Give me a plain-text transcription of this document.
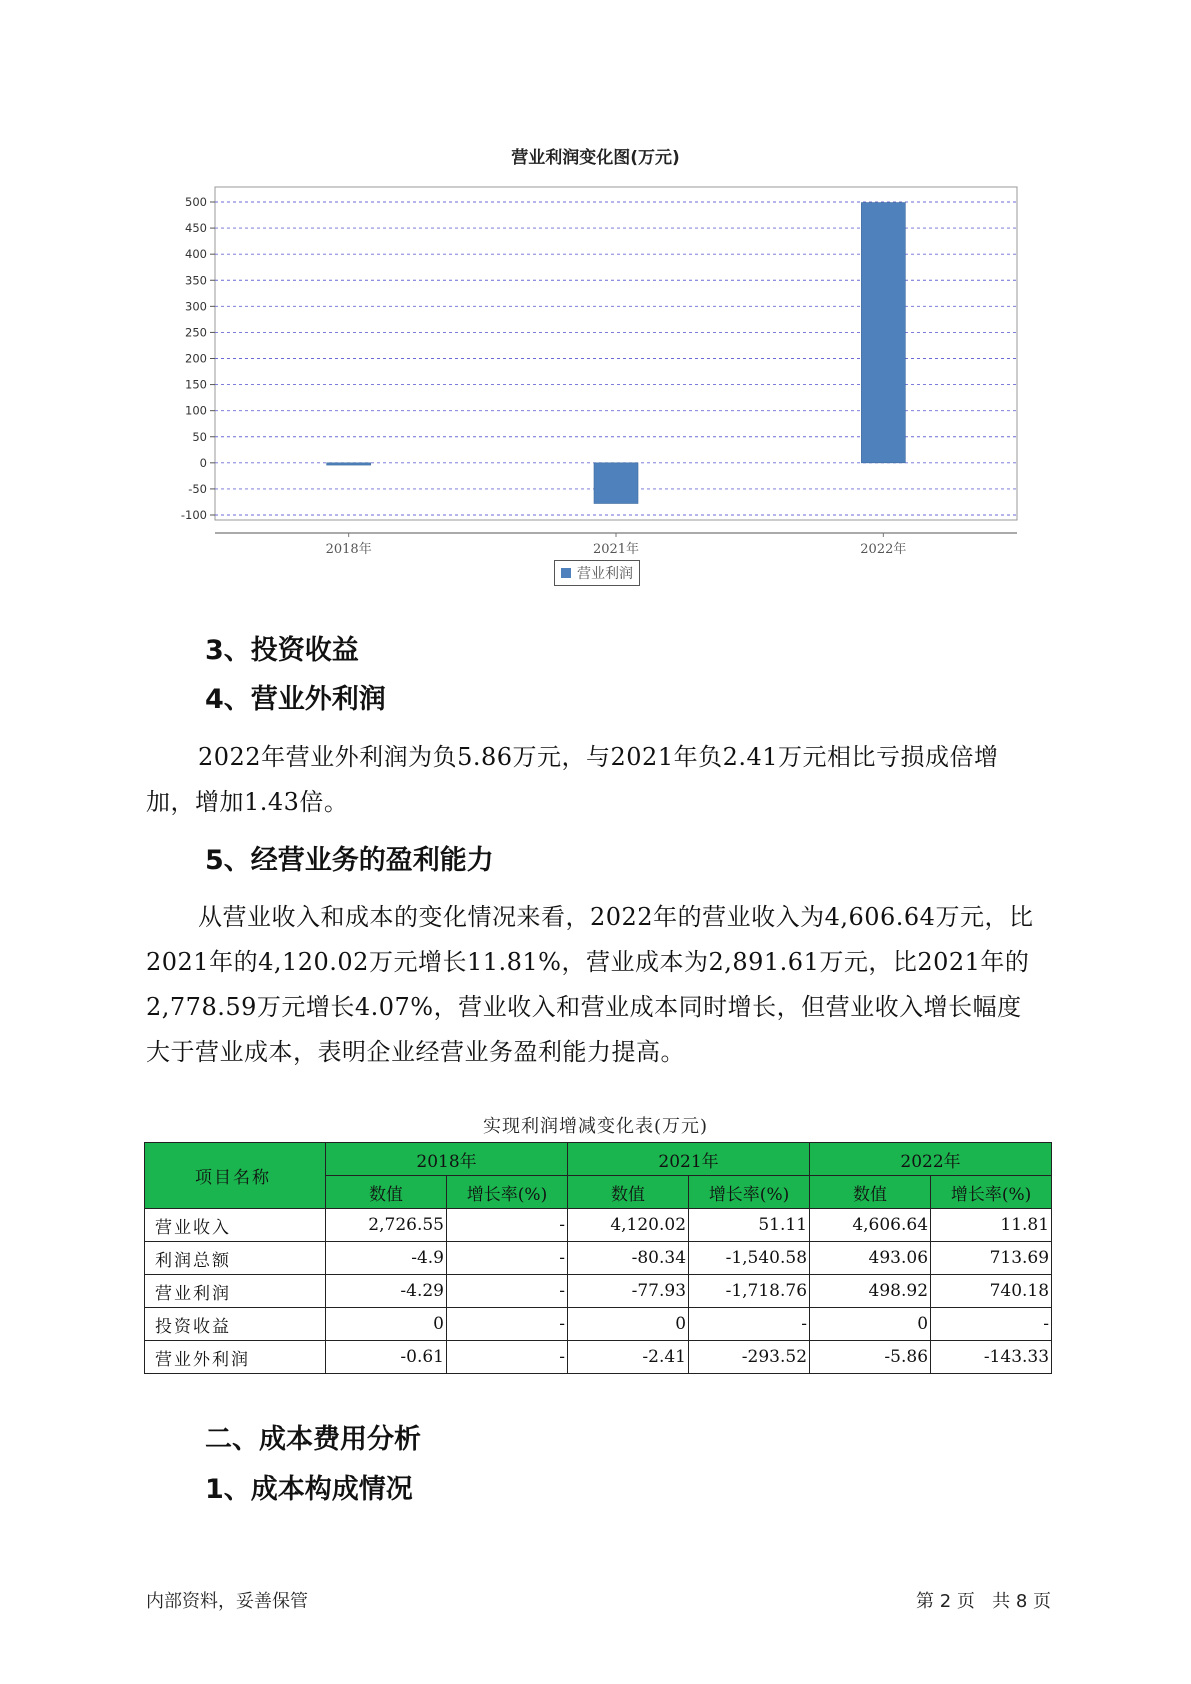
营业利润变化图(万元)
500
450
400
350
300
250
200
150
100
50
0
-50
-100
2018年	2021年	2022年
营业利润
3、投资收益
4、营业外利润

2022年营业外利润为负5.86万元，与2021年负2.41万元相比亏损成倍增加，增加1.43倍。

5、经营业务的盈利能力

从营业收入和成本的变化情况来看，2022年的营业收入为4,606.64万元，比2021年的4,120.02万元增长11.81%，营业成本为2,891.61万元，比2021年的2,778.59万元增长4.07%，营业收入和营业成本同时增长，但营业收入增长幅度大于营业成本，表明企业经营业务盈利能力提高。

实现利润增减变化表(万元)
项目名称	2018年		2021年		2022年	
	数值	增长率(%)	数值	增长率(%)	数值	增长率(%)
营业收入	2,726.55	-	4,120.02	51.11	4,606.64	11.81
利润总额	-4.9	-	-80.34	-1,540.58	493.06	713.69
营业利润	-4.29	-	-77.93	-1,718.76	498.92	740.18
投资收益	0	-	0	-	0	-
营业外利润	-0.61	-	-2.41	-293.52	-5.86	-143.33
二、成本费用分析
1、成本构成情况
内部资料，妥善保管	第 2 页   共 8 页
